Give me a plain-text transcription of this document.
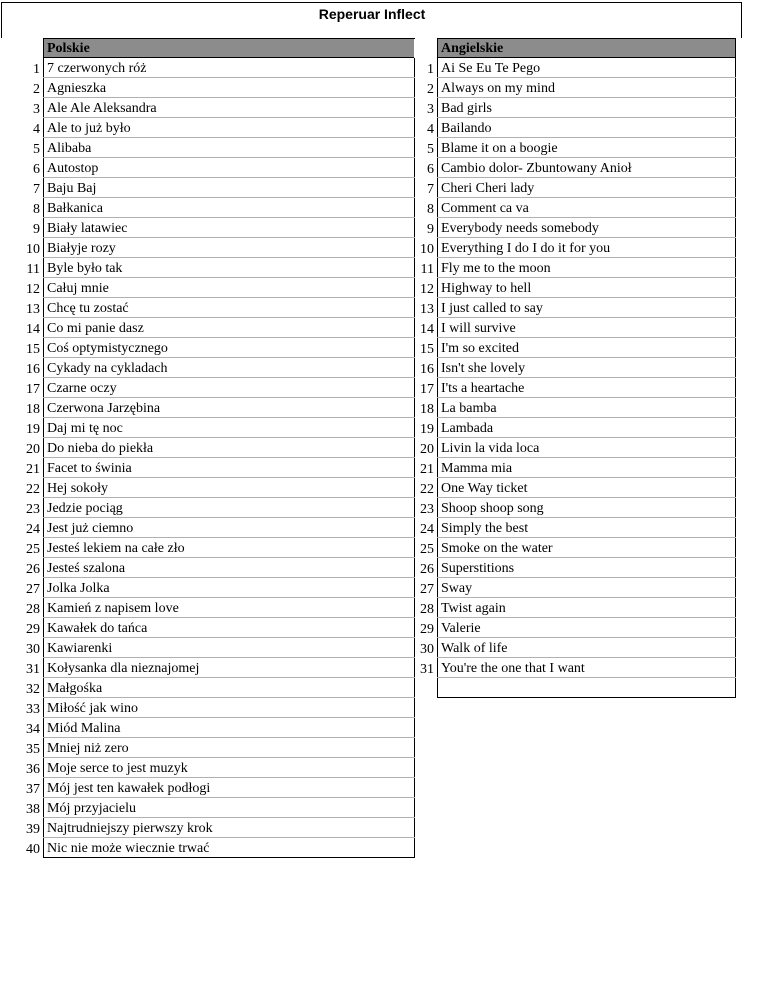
Reperuar Inflect
	Polskie
1	7 czerwonych róż
2	Agnieszka
3	Ale Ale Aleksandra
4	Ale to już było
5	Alibaba
6	Autostop
7	Baju Baj
8	Bałkanica
9	Biały latawiec
10	Białyje rozy
11	Byle było tak
12	Całuj mnie
13	Chcę tu zostać
14	Co mi panie dasz
15	Coś optymistycznego
16	Cykady na cykladach
17	Czarne oczy
18	Czerwona Jarzębina
19	Daj mi tę noc
20	Do nieba do piekła
21	Facet to świnia
22	Hej sokoły
23	Jedzie pociąg
24	Jest już ciemno
25	Jesteś lekiem na całe zło
26	Jesteś szalona
27	Jolka Jolka
28	Kamień z napisem love
29	Kawałek do tańca
30	Kawiarenki
31	Kołysanka dla nieznajomej
32	Małgośka
33	Miłość jak wino
34	Miód Malina
35	Mniej niż zero
36	Moje serce to jest muzyk
37	Mój jest ten kawałek podłogi
38	Mój przyjacielu
39	Najtrudniejszy pierwszy krok
40	Nic nie może wiecznie trwać
	Angielskie
1	Ai Se Eu Te Pego
2	Always on my mind
3	Bad girls
4	Bailando
5	Blame it on a boogie
6	Cambio dolor- Zbuntowany Anioł
7	Cheri Cheri lady
8	Comment ca va
9	Everybody needs somebody
10	Everything I do I do it for you
11	Fly me to the moon
12	Highway to hell
13	I just called to say
14	I will survive
15	I'm so excited
16	Isn't she lovely
17	I'ts a heartache
18	La bamba
19	Lambada
20	Livin la vida loca
21	Mamma mia
22	One Way ticket
23	Shoop shoop song
24	Simply the best
25	Smoke on the water
26	Superstitions
27	Sway
28	Twist again
29	Valerie
30	Walk of life
31	You're the one that I want
